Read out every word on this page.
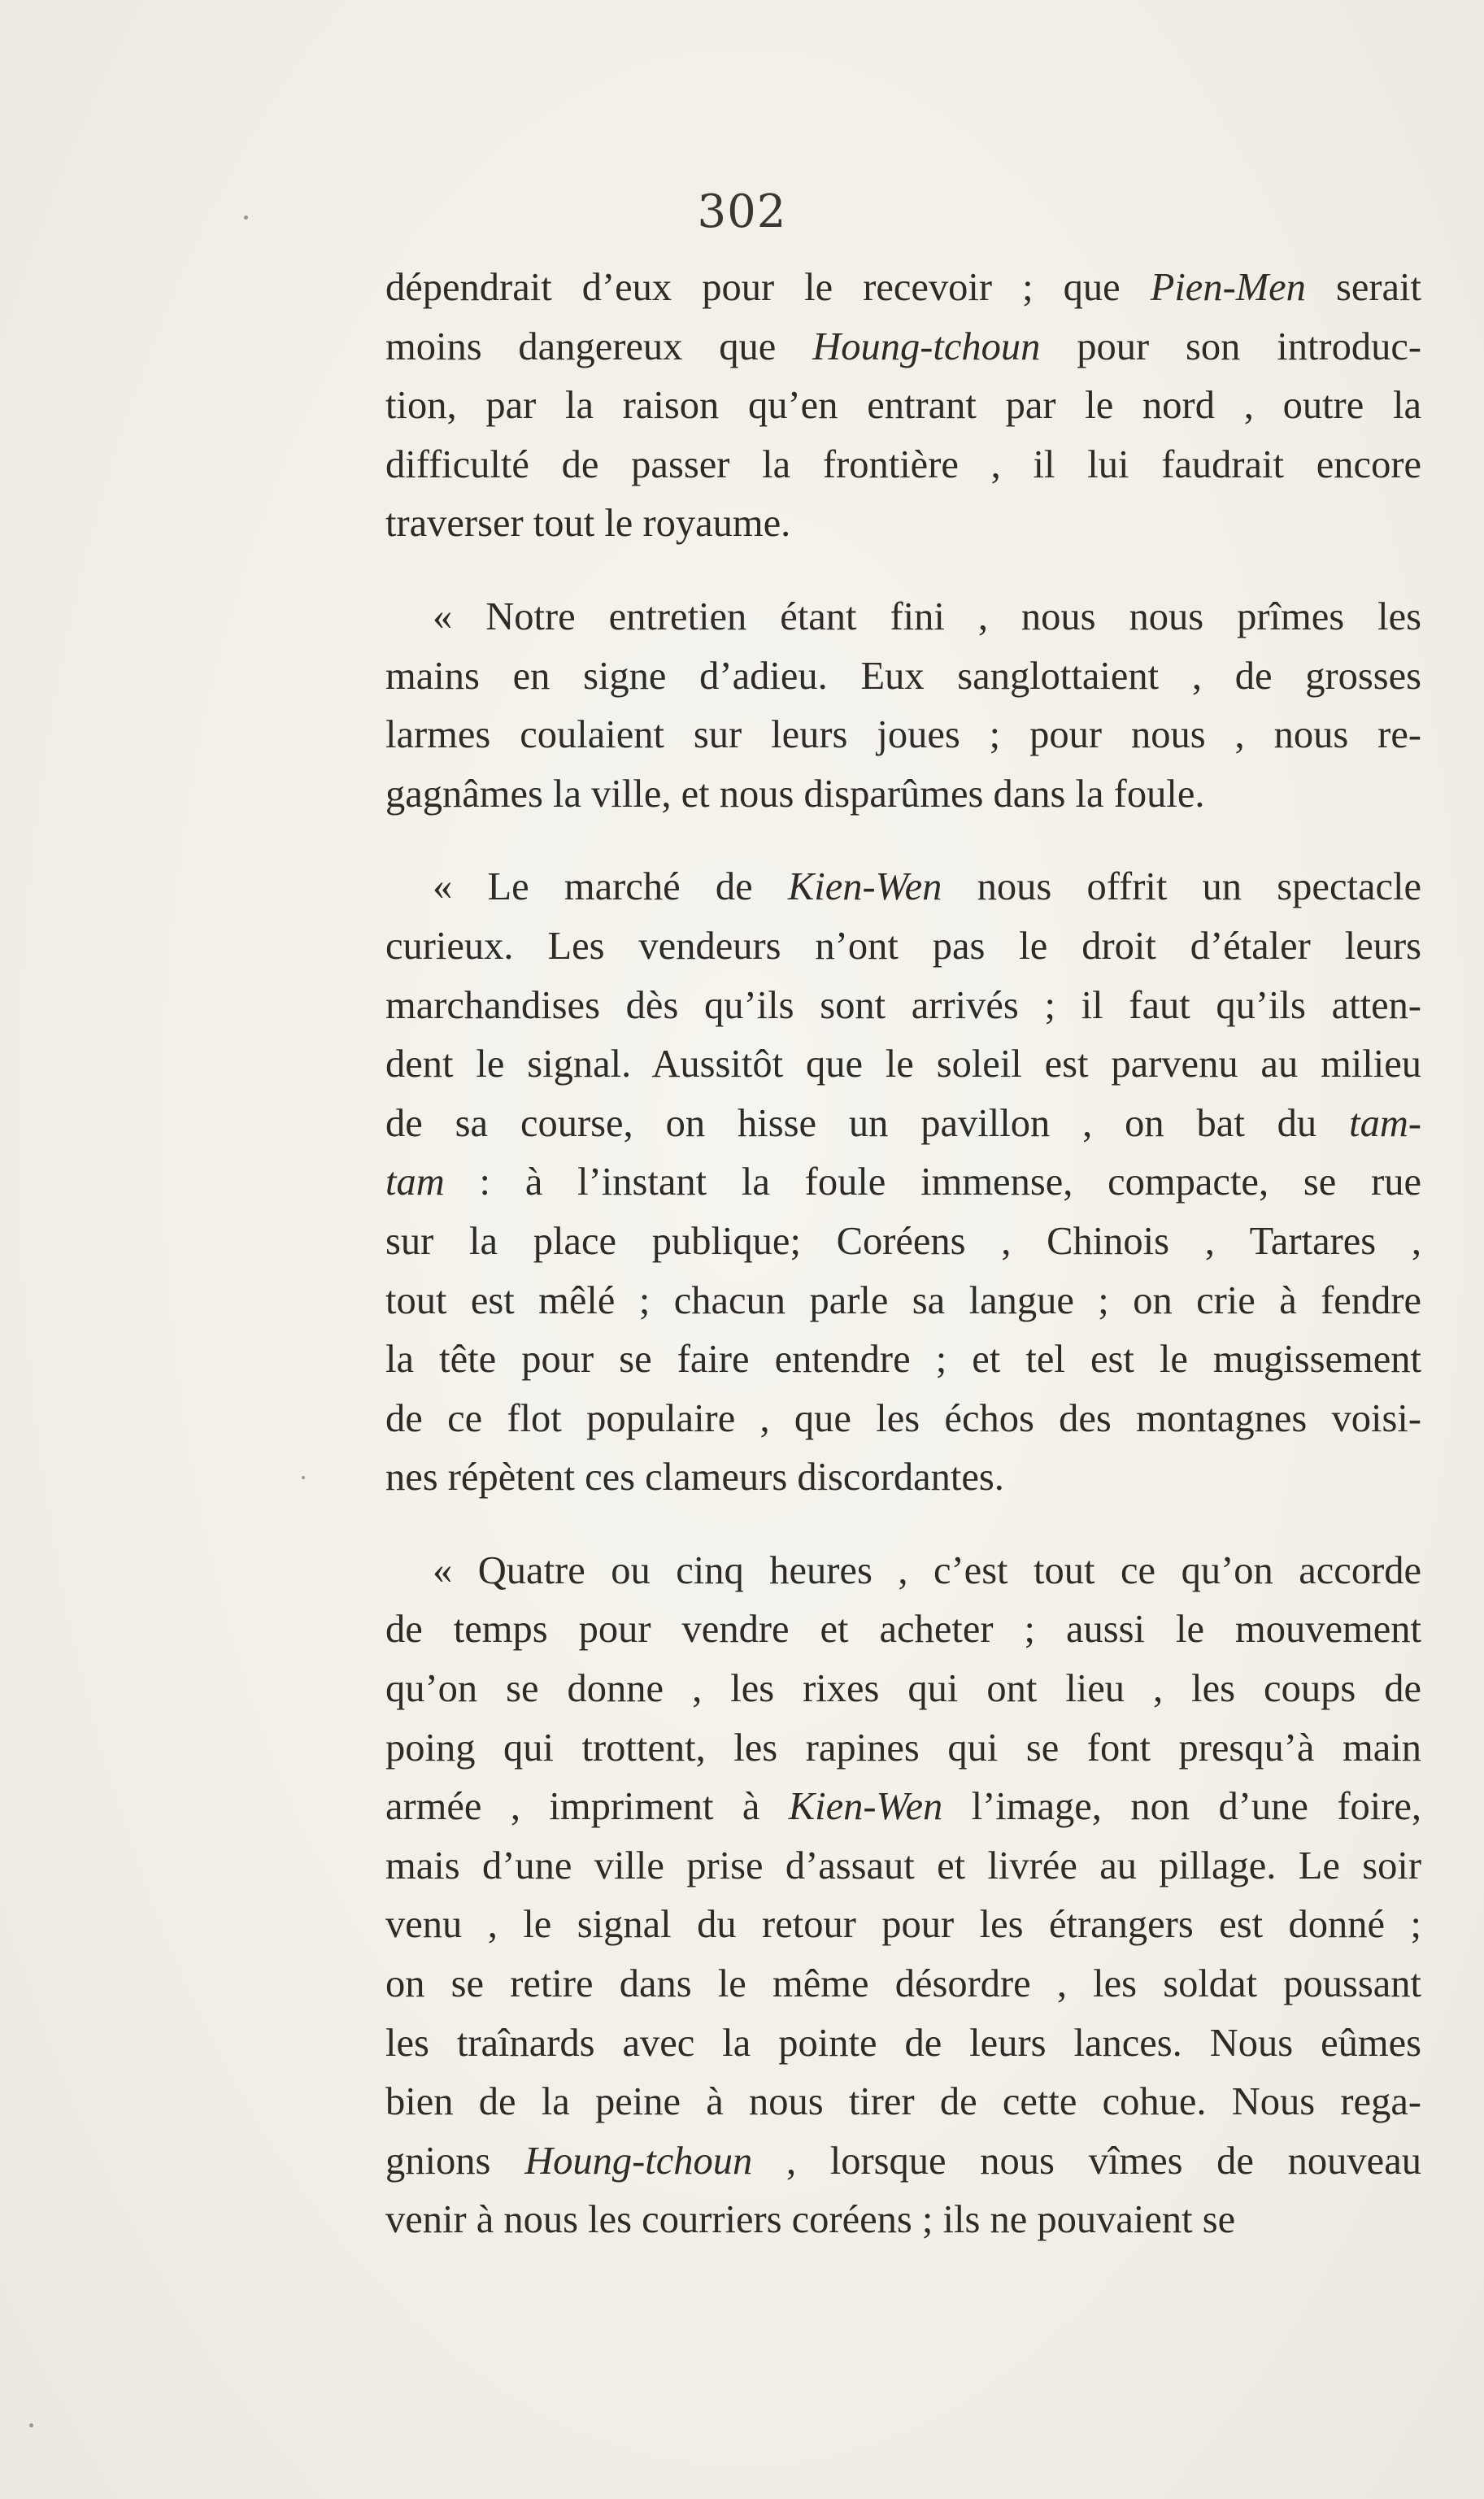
302
dépendrait d’eux pour le recevoir ; que Pien-Men serait
moins dangereux que Houng-tchoun pour son introduc-
tion, par la raison qu’en entrant par le nord , outre la
difficulté de passer la frontière , il lui faudrait encore
traverser tout le royaume.
« Notre entretien étant fini , nous nous prîmes les
mains en signe d’adieu. Eux sanglottaient , de grosses
larmes coulaient sur leurs joues ; pour nous , nous re-
gagnâmes la ville, et nous disparûmes dans la foule.
« Le marché de Kien-Wen nous offrit un spectacle
curieux. Les vendeurs n’ont pas le droit d’étaler leurs
marchandises dès qu’ils sont arrivés ; il faut qu’ils atten-
dent le signal. Aussitôt que le soleil est parvenu au milieu
de sa course, on hisse un pavillon , on bat du tam-
tam : à l’instant la foule immense, compacte, se rue
sur la place publique; Coréens , Chinois , Tartares ,
tout est mêlé ; chacun parle sa langue ; on crie à fendre
la tête pour se faire entendre ; et tel est le mugissement
de ce flot populaire , que les échos des montagnes voisi-
nes répètent ces clameurs discordantes.
« Quatre ou cinq heures , c’est tout ce qu’on accorde
de temps pour vendre et acheter ; aussi le mouvement
qu’on se donne , les rixes qui ont lieu , les coups de
poing qui trottent, les rapines qui se font presqu’à main
armée , impriment à Kien-Wen l’image, non d’une foire,
mais d’une ville prise d’assaut et livrée au pillage. Le soir
venu , le signal du retour pour les étrangers est donné ;
on se retire dans le même désordre , les soldat poussant
les traînards avec la pointe de leurs lances. Nous eûmes
bien de la peine à nous tirer de cette cohue. Nous rega-
gnions Houng-tchoun , lorsque nous vîmes de nouveau
venir à nous les courriers coréens ; ils ne pouvaient se
